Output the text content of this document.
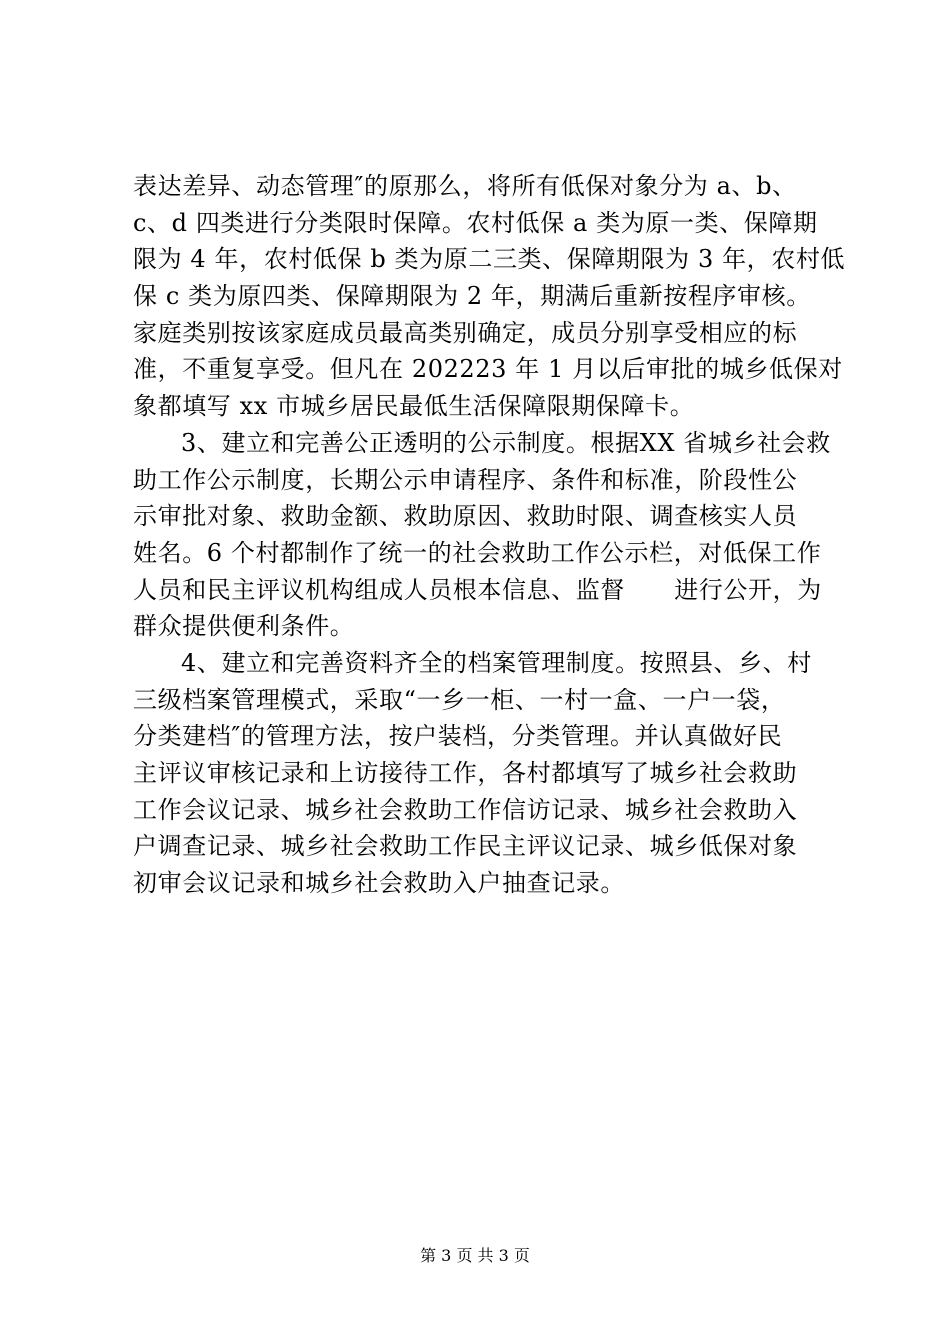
表达差异、动态管理″的原那么，将所有低保对象分为 a、b、
c、d 四类进行分类限时保障。农村低保 a 类为原一类、保障期
限为 4 年，农村低保 b 类为原二三类、保障期限为 3 年，农村低
保 c 类为原四类、保障期限为 2 年，期满后重新按程序审核。
家庭类别按该家庭成员最高类别确定，成员分别享受相应的标
准，不重复享受。但凡在 202223 年 1 月以后审批的城乡低保对
象都填写 xx 市城乡居民最低生活保障限期保障卡。
3、建立和完善公正透明的公示制度。根据XX 省城乡社会救
助工作公示制度，长期公示申请程序、条件和标准，阶段性公
示审批对象、救助金额、救助原因、救助时限、调查核实人员
姓名。6 个村都制作了统一的社会救助工作公示栏，对低保工作
人员和民主评议机构组成人员根本信息、监督　　进行公开，为
群众提供便利条件。
4、建立和完善资料齐全的档案管理制度。按照县、乡、村
三级档案管理模式，采取“一乡一柜、一村一盒、一户一袋，
分类建档″的管理方法，按户装档，分类管理。并认真做好民
主评议审核记录和上访接待工作，各村都填写了城乡社会救助
工作会议记录、城乡社会救助工作信访记录、城乡社会救助入
户调查记录、城乡社会救助工作民主评议记录、城乡低保对象
初审会议记录和城乡社会救助入户抽查记录。
第 3 页 共 3 页
